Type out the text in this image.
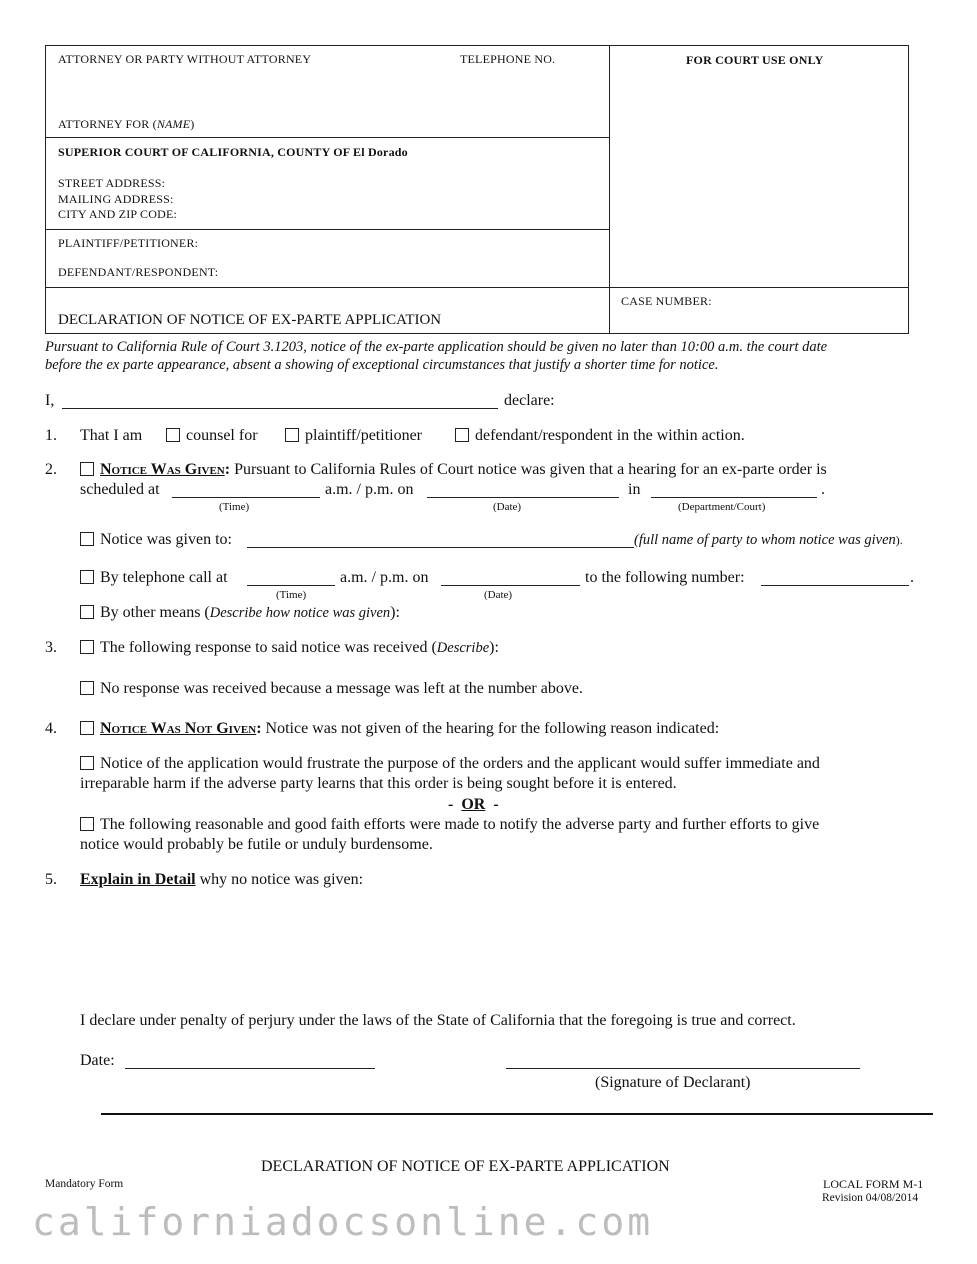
ATTORNEY OR PARTY WITHOUT ATTORNEY	TELEPHONE NO.	FOR COURT USE ONLY
ATTORNEY FOR (NAME)
SUPERIOR COURT OF CALIFORNIA, COUNTY OF El Dorado
STREET ADDRESS:
MAILING ADDRESS:
CITY AND ZIP CODE:
PLAINTIFF/PETITIONER:
DEFENDANT/RESPONDENT:
CASE NUMBER:
DECLARATION OF NOTICE OF EX-PARTE APPLICATION
Pursuant to California Rule of Court 3.1203, notice of the ex-parte application should be given no later than 10:00 a.m. the court date
before the ex parte appearance, absent a showing of exceptional circumstances that justify a shorter time for notice.
I,	declare:
1. That I am	counsel for	plaintiff/petitioner	defendant/respondent in the within action.
2.	Notice Was Given: Pursuant to California Rules of Court notice was given that a hearing for an ex-parte order is
scheduled at	a.m. / p.m. on	in	.
(Time)	(Date)	(Department/Court)
Notice was given to:	(full name of party to whom notice was given).
By telephone call at	a.m. / p.m. on	to the following number:	.
(Time)	(Date)
By other means (Describe how notice was given):
3.	The following response to said notice was received (Describe):
No response was received because a message was left at the number above.
4.	Notice Was Not Given: Notice was not given of the hearing for the following reason indicated:
Notice of the application would frustrate the purpose of the orders and the applicant would suffer immediate and
irreparable harm if the adverse party learns that this order is being sought before it is entered.
- OR -
The following reasonable and good faith efforts were made to notify the adverse party and further efforts to give
notice would probably be futile or unduly burdensome.
5. Explain in Detail why no notice was given:
I declare under penalty of perjury under the laws of the State of California that the foregoing is true and correct.
Date:
(Signature of Declarant)
DECLARATION OF NOTICE OF EX-PARTE APPLICATION
Mandatory Form	LOCAL FORM M-1
Revision 04/08/2014
californiadocsonline.com
